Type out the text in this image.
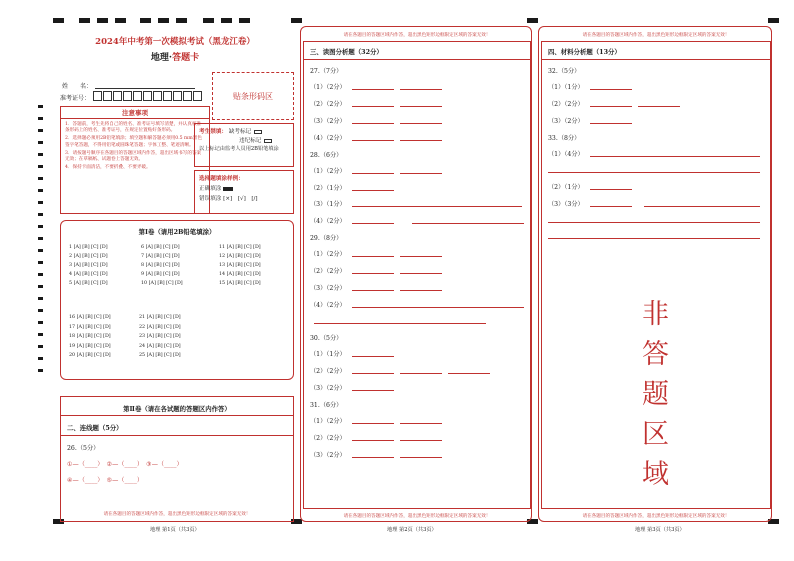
2024年中考第一次模拟考试（黑龙江卷）
地理·答题卡
姓　　名：
准考证号：	贴条形码区
注意事项
1．答题前，考生先将自己的姓名、准考证号填写清楚，并认真核准条形码上的姓名、准考证号，在规定位置贴好条形码。
2．选择题必须用2B铅笔填涂；填空题和解答题必须用0.5 mm黑色签字笔答题，不得用铅笔或圆珠笔答题；字体工整、笔迹清晰。
3．请按题号顺序在各题目的答题区域内作答，超出区域书写的答案无效；在草稿纸、试题卷上答题无效。
4．保持卡面清洁，不要折叠、不要弄破。
考生禁填： 缺考标记
违纪标记
以上标记由监考人员用2B铅笔填涂
选择题填涂样例：
正确填涂
错误填涂 [×]　[√]　[/]
第Ⅰ卷（请用2B铅笔填涂）
1 [A] [B] [C] [D]
2 [A] [B] [C] [D]
3 [A] [B] [C] [D]
4 [A] [B] [C] [D]
5 [A] [B] [C] [D]
6 [A] [B] [C] [D]
7 [A] [B] [C] [D]
8 [A] [B] [C] [D]
9 [A] [B] [C] [D]
10 [A] [B] [C] [D]
11 [A] [B] [C] [D]
12 [A] [B] [C] [D]
13 [A] [B] [C] [D]
14 [A] [B] [C] [D]
15 [A] [B] [C] [D]
16 [A] [B] [C] [D]
17 [A] [B] [C] [D]
18 [A] [B] [C] [D]
19 [A] [B] [C] [D]
20 [A] [B] [C] [D]
21 [A] [B] [C] [D]
22 [A] [B] [C] [D]
23 [A] [B] [C] [D]
24 [A] [B] [C] [D]
25 [A] [B] [C] [D]
第Ⅱ卷（请在各试题的答题区内作答）
二、连线题（5分）
26.（5分）
①—（____）　②—（____）　③—（____）
④—（____）　⑤—（____）
请在各题目的答题区域内作答，超出黑色矩形边框限定区域的答案无效！
地理 第1页（共3页）
请在各题目的答题区域内作答，超出黑色矩形边框限定区域的答案无效！
三、读图分析题（32分）
27.（7分）
（1）（2分）
（2）（2分）
（3）（2分）
（4）（2分）
28.（6分）
（1）（2分）
（2）（1分）
（3）（1分）
（4）（2分）
29.（8分）
（1）（2分）
（2）（2分）
（3）（2分）
（4）（2分）
30.（5分）
（1）（1分）
（2）（2分）
（3）（2分）
31.（6分）
（1）（2分）
（2）（2分）
（3）（2分）
请在各题目的答题区域内作答，超出黑色矩形边框限定区域的答案无效！
地理 第2页（共3页）
请在各题目的答题区域内作答，超出黑色矩形边框限定区域的答案无效！
四、材料分析题（13分）
32.（5分）
（1）（1分）
（2）（2分）
（3）（2分）
33.（8分）
（1）（4分）
（2）（1分）
（3）（3分）
非
答
题
区
域
请在各题目的答题区域内作答，超出黑色矩形边框限定区域的答案无效！
地理 第3页（共3页）
